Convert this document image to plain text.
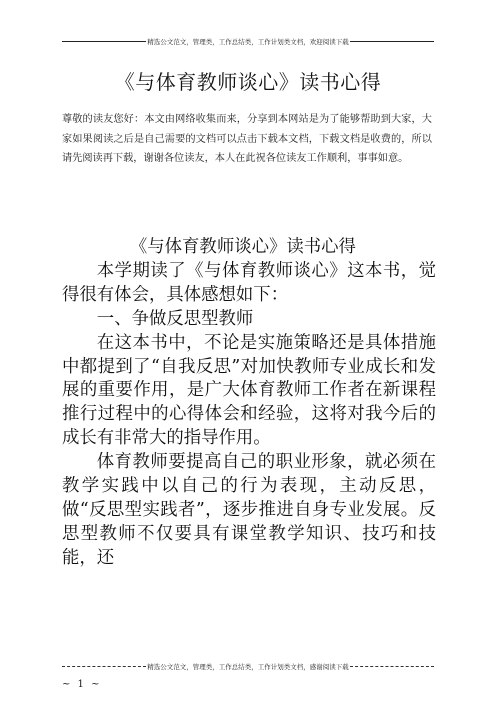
精选公文范文，管理类，工作总结类，工作计划类文档，欢迎阅读下载
《与体育教师谈心》读书心得
尊敬的读友您好：本文由网络收集而来，分享到本网站是为了能够帮助到大家，大家如果阅读之后是自己需要的文档可以点击下载本文档，下载文档是收费的，所以请先阅读再下载，谢谢各位读友，本人在此祝各位读友工作顺利，事事如意。

《与体育教师谈心》读书心得

本学期读了《与体育教师谈心》这本书，觉得很有体会，具体感想如下：

一、争做反思型教师

在这本书中，不论是实施策略还是具体措施中都提到了“自我反思”对加快教师专业成长和发展的重要作用，是广大体育教师工作者在新课程推行过程中的心得体会和经验，这将对我今后的成长有非常大的指导作用。

体育教师要提高自己的职业形象，就必须在教学实践中以自己的行为表现，主动反思，做“反思型实践者”，逐步推进自身专业发展。反思型教师不仅要具有课堂教学知识、技巧和技能，还

精选公文范文，管理类，工作总结类，工作计划类文档，感谢阅读下载
~ 1 ~
